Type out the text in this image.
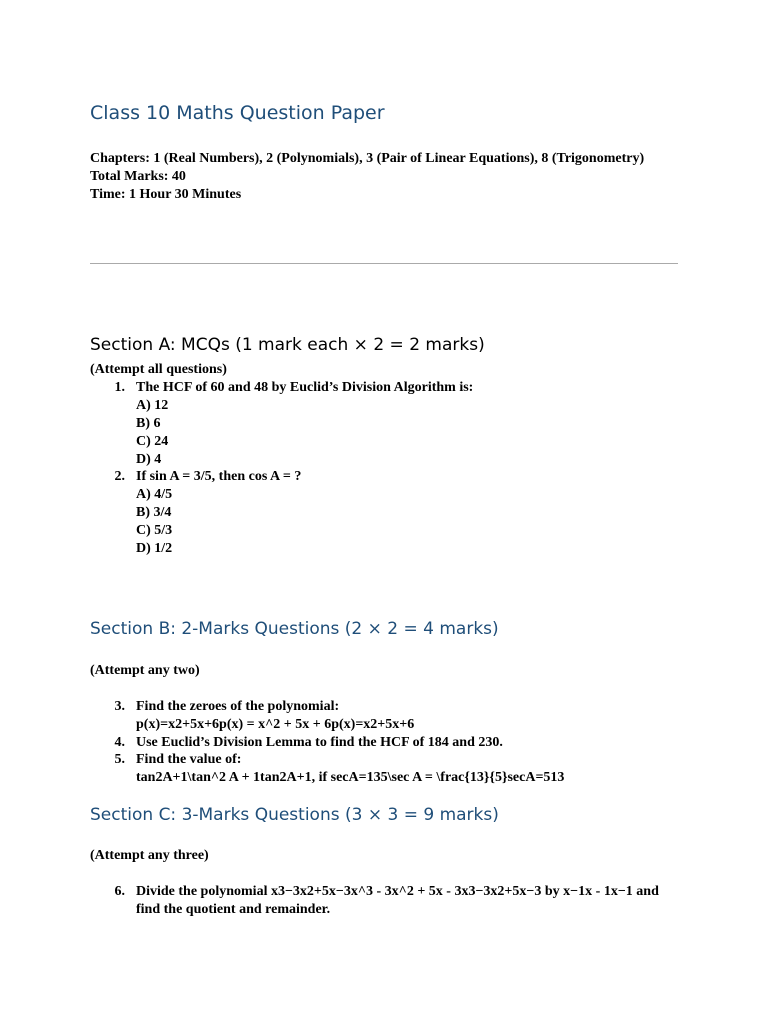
Class 10 Maths Question Paper
Chapters: 1 (Real Numbers), 2 (Polynomials), 3 (Pair of Linear Equations), 8 (Trigonometry)
Total Marks: 40
Time: 1 Hour 30 Minutes
Section A: MCQs (1 mark each × 2 = 2 marks)
(Attempt all questions)
1. The HCF of 60 and 48 by Euclid’s Division Algorithm is:
A) 12
B) 6
C) 24
D) 4
2. If sin A = 3/5, then cos A = ?
A) 4/5
B) 3/4
C) 5/3
D) 1/2
Section B: 2-Marks Questions (2 × 2 = 4 marks)
(Attempt any two)
3. Find the zeroes of the polynomial:
p(x)=x2+5x+6p(x) = x^2 + 5x + 6p(x)=x2+5x+6
4. Use Euclid’s Division Lemma to find the HCF of 184 and 230.
5. Find the value of:
tan2A+1\tan^2 A + 1tan2A+1, if secA=135\sec A = \frac{13}{5}secA=513
Section C: 3-Marks Questions (3 × 3 = 9 marks)
(Attempt any three)
6. Divide the polynomial x3−3x2+5x−3x^3 - 3x^2 + 5x - 3x3−3x2+5x−3 by x−1x - 1x−1 and find the quotient and remainder.
